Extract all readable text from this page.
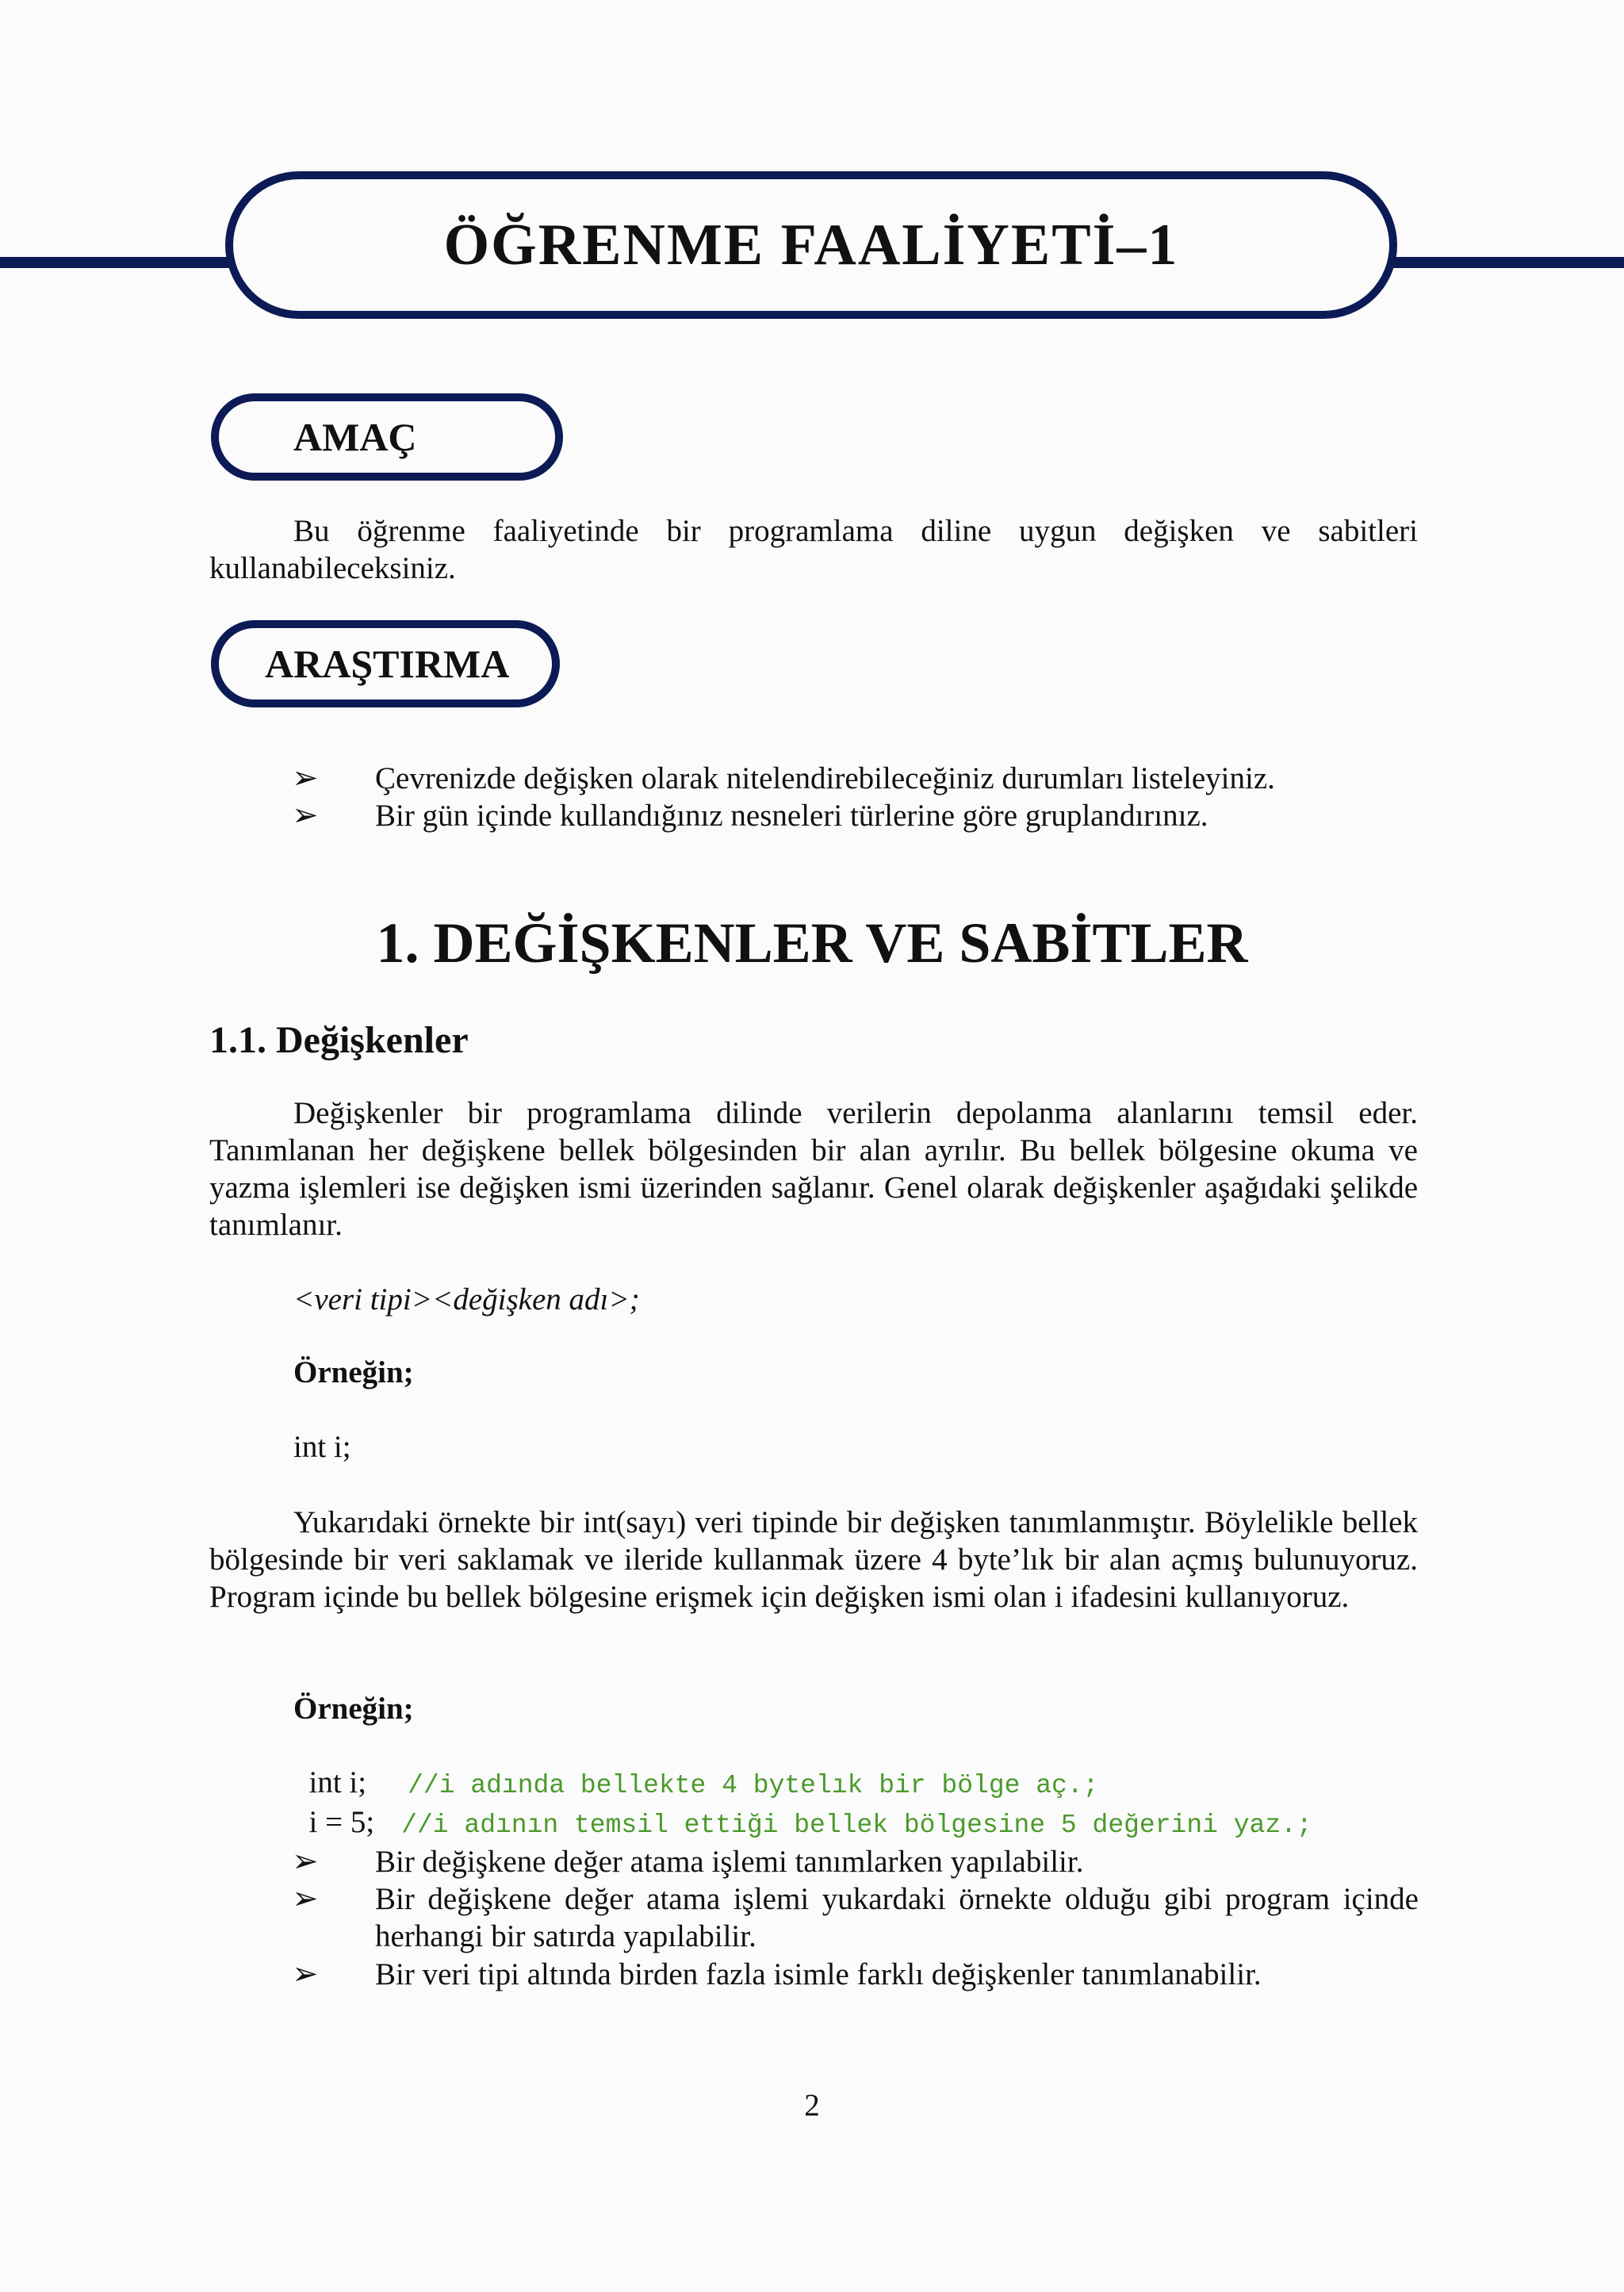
ÖĞRENME FAALİYETİ–1
AMAÇ
Bu öğrenme faaliyetinde bir programlama diline uygun değişken ve sabitleri kullanabileceksiniz.
ARAŞTIRMA
➢ Çevrenizde değişken olarak nitelendirebileceğiniz durumları listeleyiniz.
➢ Bir gün içinde kullandığınız nesneleri türlerine göre gruplandırınız.
1. DEĞİŞKENLER VE SABİTLER
1.1. Değişkenler
Değişkenler bir programlama dilinde verilerin depolanma alanlarını temsil eder. Tanımlanan her değişkene bellek bölgesinden bir alan ayrılır. Bu bellek bölgesine okuma ve yazma işlemleri ise değişken ismi üzerinden sağlanır. Genel olarak değişkenler aşağıdaki şelikde tanımlanır.
<veri tipi><değişken adı>;
Örneğin;
int i;
Yukarıdaki örnekte bir int(sayı) veri tipinde bir değişken tanımlanmıştır. Böylelikle bellek bölgesinde bir veri saklamak ve ileride kullanmak üzere 4 byte’lık bir alan açmış bulunuyoruz. Program içinde bu bellek bölgesine erişmek için değişken ismi olan i ifadesini kullanıyoruz.
Örneğin;

int i; //i adında bellekte 4 bytelık bir bölge aç.;

i = 5; //i adının temsil ettiği bellek bölgesine 5 değerini yaz.;

➢ Bir değişkene değer atama işlemi tanımlarken yapılabilir.
➢ Bir değişkene değer atama işlemi yukardaki örnekte olduğu gibi program içinde herhangi bir satırda yapılabilir.
➢ Bir veri tipi altında birden fazla isimle farklı değişkenler tanımlanabilir.
2
